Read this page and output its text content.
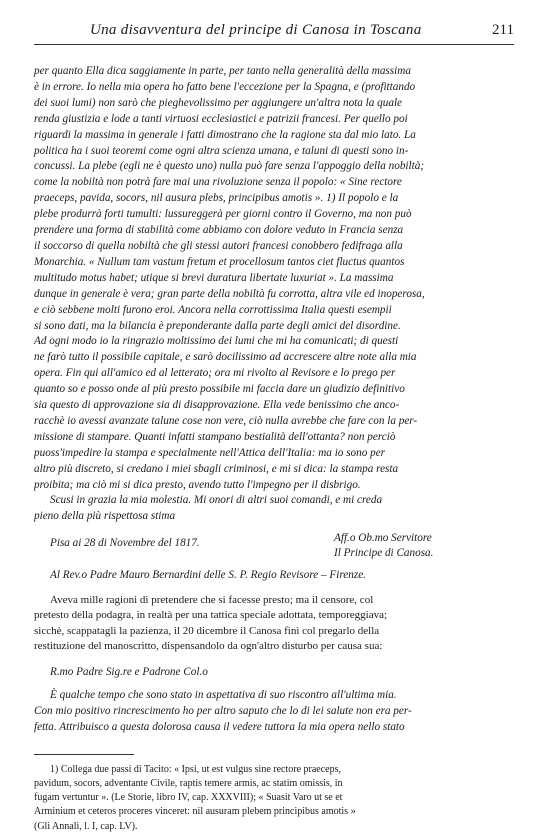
Una disavventura del principe di Canosa in Toscana	211

per quanto Ella dica saggiamente in parte, per tanto nella generalità della massima

è in errore. Io nella mia opera ho fatto bene l'eccezione per la Spagna, e (profittando

dei suoi lumi) non sarò che pieghevolissimo per aggiungere un'altra nota la quale

renda giustizia e lode a tanti virtuosi ecclesiastici e patrizii francesi. Per quello poi

riguardi la massima in generale i fatti dimostrano che la ragione sta dal mio lato. La

politica ha i suoi teoremi come ogni altra scienza umana, e taluni di questi sono in-

concussi. La plebe (egli ne è questo uno) nulla può fare senza l'appoggio della nobiltà;

come la nobiltà non potrà fare mai una rivoluzione senza il popolo: « Sine rectore

praeceps, pavida, socors, nil ausura plebs, principibus amotis ». 1) Il popolo e la

plebe produrrà forti tumulti: lussureggerà per giorni contro il Governo, ma non può

prendere una forma di stabilità come abbiamo con dolore veduto in Francia senza

il soccorso di quella nobiltà che gli stessi autori francesi conobbero fedifraga alla

Monarchia. « Nullum tam vastum fretum et procellosum tantos ciet fluctus quantos

multitudo motus habet; utique si brevi duratura libertate luxuriat ». La massima

dunque in generale è vera; gran parte della nobiltà fu corrotta, altra vile ed inoperosa,

e ciò sebbene molti furono eroi. Ancora nella corrottissima Italia questi esempii

si sono dati, ma la bilancia è preponderante dalla parte degli amici del disordine.

Ad ogni modo io la ringrazio moltissimo dei lumi che mi ha comunicati; di questi

ne farò tutto il possibile capitale, e sarò docilissimo ad accrescere altre note alla mia

opera. Fin qui all'amico ed al letterato; ora mi rivolto al Revisore e lo prego per

quanto so e posso onde al più presto possibile mi faccia dare un giudizio definitivo

sia questo di approvazione sia di disapprovazione. Ella vede benissimo che anco-

racchè io avessi avanzate talune cose non vere, ciò nulla avrebbe che fare con la per-

missione di stampare. Quanti infatti stampano bestialità dell'ottanta? non perciò

puoss'impedire la stampa e specialmente nell'Attica dell'Italia: ma io sono per

altro più discreto, si credano i miei sbagli criminosi, e mi si dica: la stampa resta

proibita; ma ciò mi si dica presto, avendo tutto l'impegno per il disbrigo.

Scusi in grazia la mia molestia. Mi onori di altri suoi comandi, e mi creda

pieno della più rispettosa stima

Pisa ai 28 di Novembre del 1817.	Aff.o Ob.mo Servitore
Il Principe di Canosa.
Al Rev.o Padre Mauro Bernardini delle S. P. Regio Revisore – Firenze.

Aveva mille ragioni di pretendere che si facesse presto; ma il censore, col

pretesto della podagra, in realtà per una tattica speciale adottata, temporeggiava;

sicchè, scappatagli la pazienza, il 20 dicembre il Canosa finì col pregarlo della

restituzione del manoscritto, dispensandolo da ogn'altro disturbo per causa sua:

R.mo Padre Sig.re e Padrone Col.o

È qualche tempo che sono stato in aspettativa di suo riscontro all'ultima mia.

Con mio positivo rincrescimento ho per altro saputo che lo di lei salute non era per-

fetta. Attribuisco a questa dolorosa causa il vedere tuttora la mia opera nello stato

1) Collega due passi di Tacito: « Ipsi, ut est vulgus sine rectore praeceps,

pavidum, socors, adventante Civile, raptis temere armis, ac statim omissis, in

fugam vertuntur ». (Le Storie, libro IV, cap. XXXVIII); « Suasit Varo ut se et

Arminium et ceteros proceres vinceret: nil ausuram plebem principibus amotis »

(Gli Annali, l. I, cap. LV).
